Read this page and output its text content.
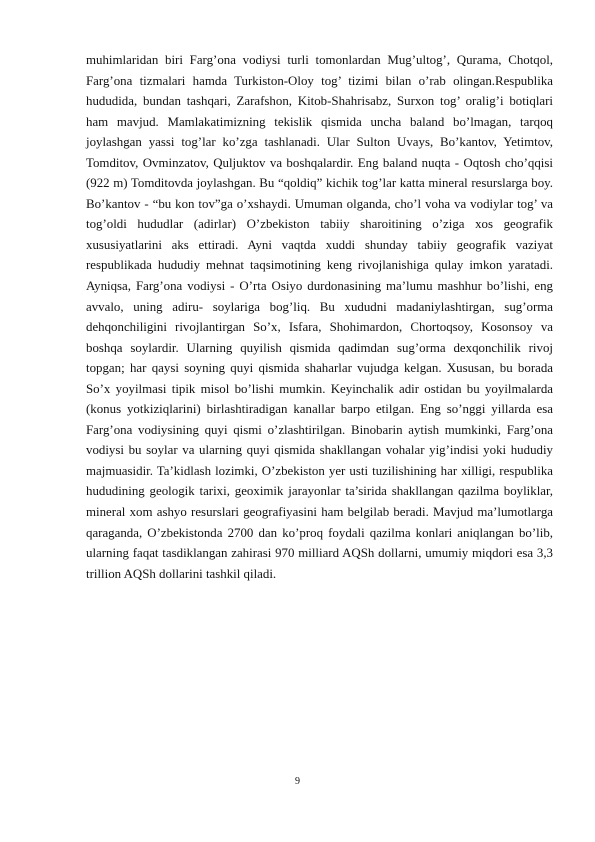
muhimlaridan biri Farg’ona vodiysi turli tomonlardan Mug’ultog’, Qurama, Chotqol, Farg’ona tizmalari hamda Turkiston-Oloy tog’ tizimi bilan o’rab olingan.Respublika hududida, bundan tashqari, Zarafshon, Kitob-Shahrisabz, Surxon tog’ oralig’i botiqlari ham mavjud. Mamlakatimizning tekislik qismida uncha baland bo’lmagan, tarqoq joylashgan yassi tog’lar ko’zga tashlanadi. Ular Sulton Uvays, Bo’kantov, Yetimtov, Tomditov, Ovminzatov, Quljuktov va boshqalardir. Eng baland nuqta - Oqtosh cho’qqisi (922 m) Tomditovda joylashgan. Bu “qoldiq” kichik tog’lar katta mineral resurslarga boy. Bo’kantov - “bu kon tov”ga o’xshaydi. Umuman olganda, cho’l voha va vodiylar tog’ va tog’oldi hududlar (adirlar) O’zbekiston tabiiy sharoitining o’ziga xos geografik xususiyatlarini aks ettiradi. Ayni vaqtda xuddi shunday tabiiy geografik vaziyat respublikada hududiy mehnat taqsimotining keng rivojlanishiga qulay imkon yaratadi. Ayniqsa, Farg’ona vodiysi - O’rta Osiyo durdonasining ma’lumu mashhur bo’lishi, eng avvalo, uning adiru- soylariga bog’liq. Bu xududni madaniylashtirgan, sug’orma dehqonchiligini rivojlantirgan So’x, Isfara, Shohimardon, Chortoqsoy, Kosonsoy va boshqa soylardir. Ularning quyilish qismida qadimdan sug’orma dexqonchilik rivoj topgan; har qaysi soyning quyi qismida shaharlar vujudga kelgan. Xususan, bu borada So’x yoyilmasi tipik misol bo’lishi mumkin. Keyinchalik adir ostidan bu yoyilmalarda (konus yotkiziqlarini) birlashtiradigan kanallar barpo etilgan. Eng so’nggi yillarda esa Farg’ona vodiysining quyi qismi o’zlashtirilgan. Binobarin aytish mumkinki, Farg’ona vodiysi bu soylar va ularning quyi qismida shakllangan vohalar yig’indisi yoki hududiy majmuasidir. Ta’kidlash lozimki, O’zbekiston yer usti tuzilishining har xilligi, respublika hududining geologik tarixi, geoximik jarayonlar ta’sirida shakllangan qazilma boyliklar, mineral xom ashyo resurslari geografiyasini ham belgilab beradi. Mavjud ma’lumotlarga qaraganda, O’zbekistonda 2700 dan ko’proq foydali qazilma konlari aniqlangan bo’lib, ularning faqat tasdiklangan zahirasi 970 milliard AQSh dollarni, umumiy miqdori esa 3,3 trillion AQSh dollarini tashkil qiladi.

9
